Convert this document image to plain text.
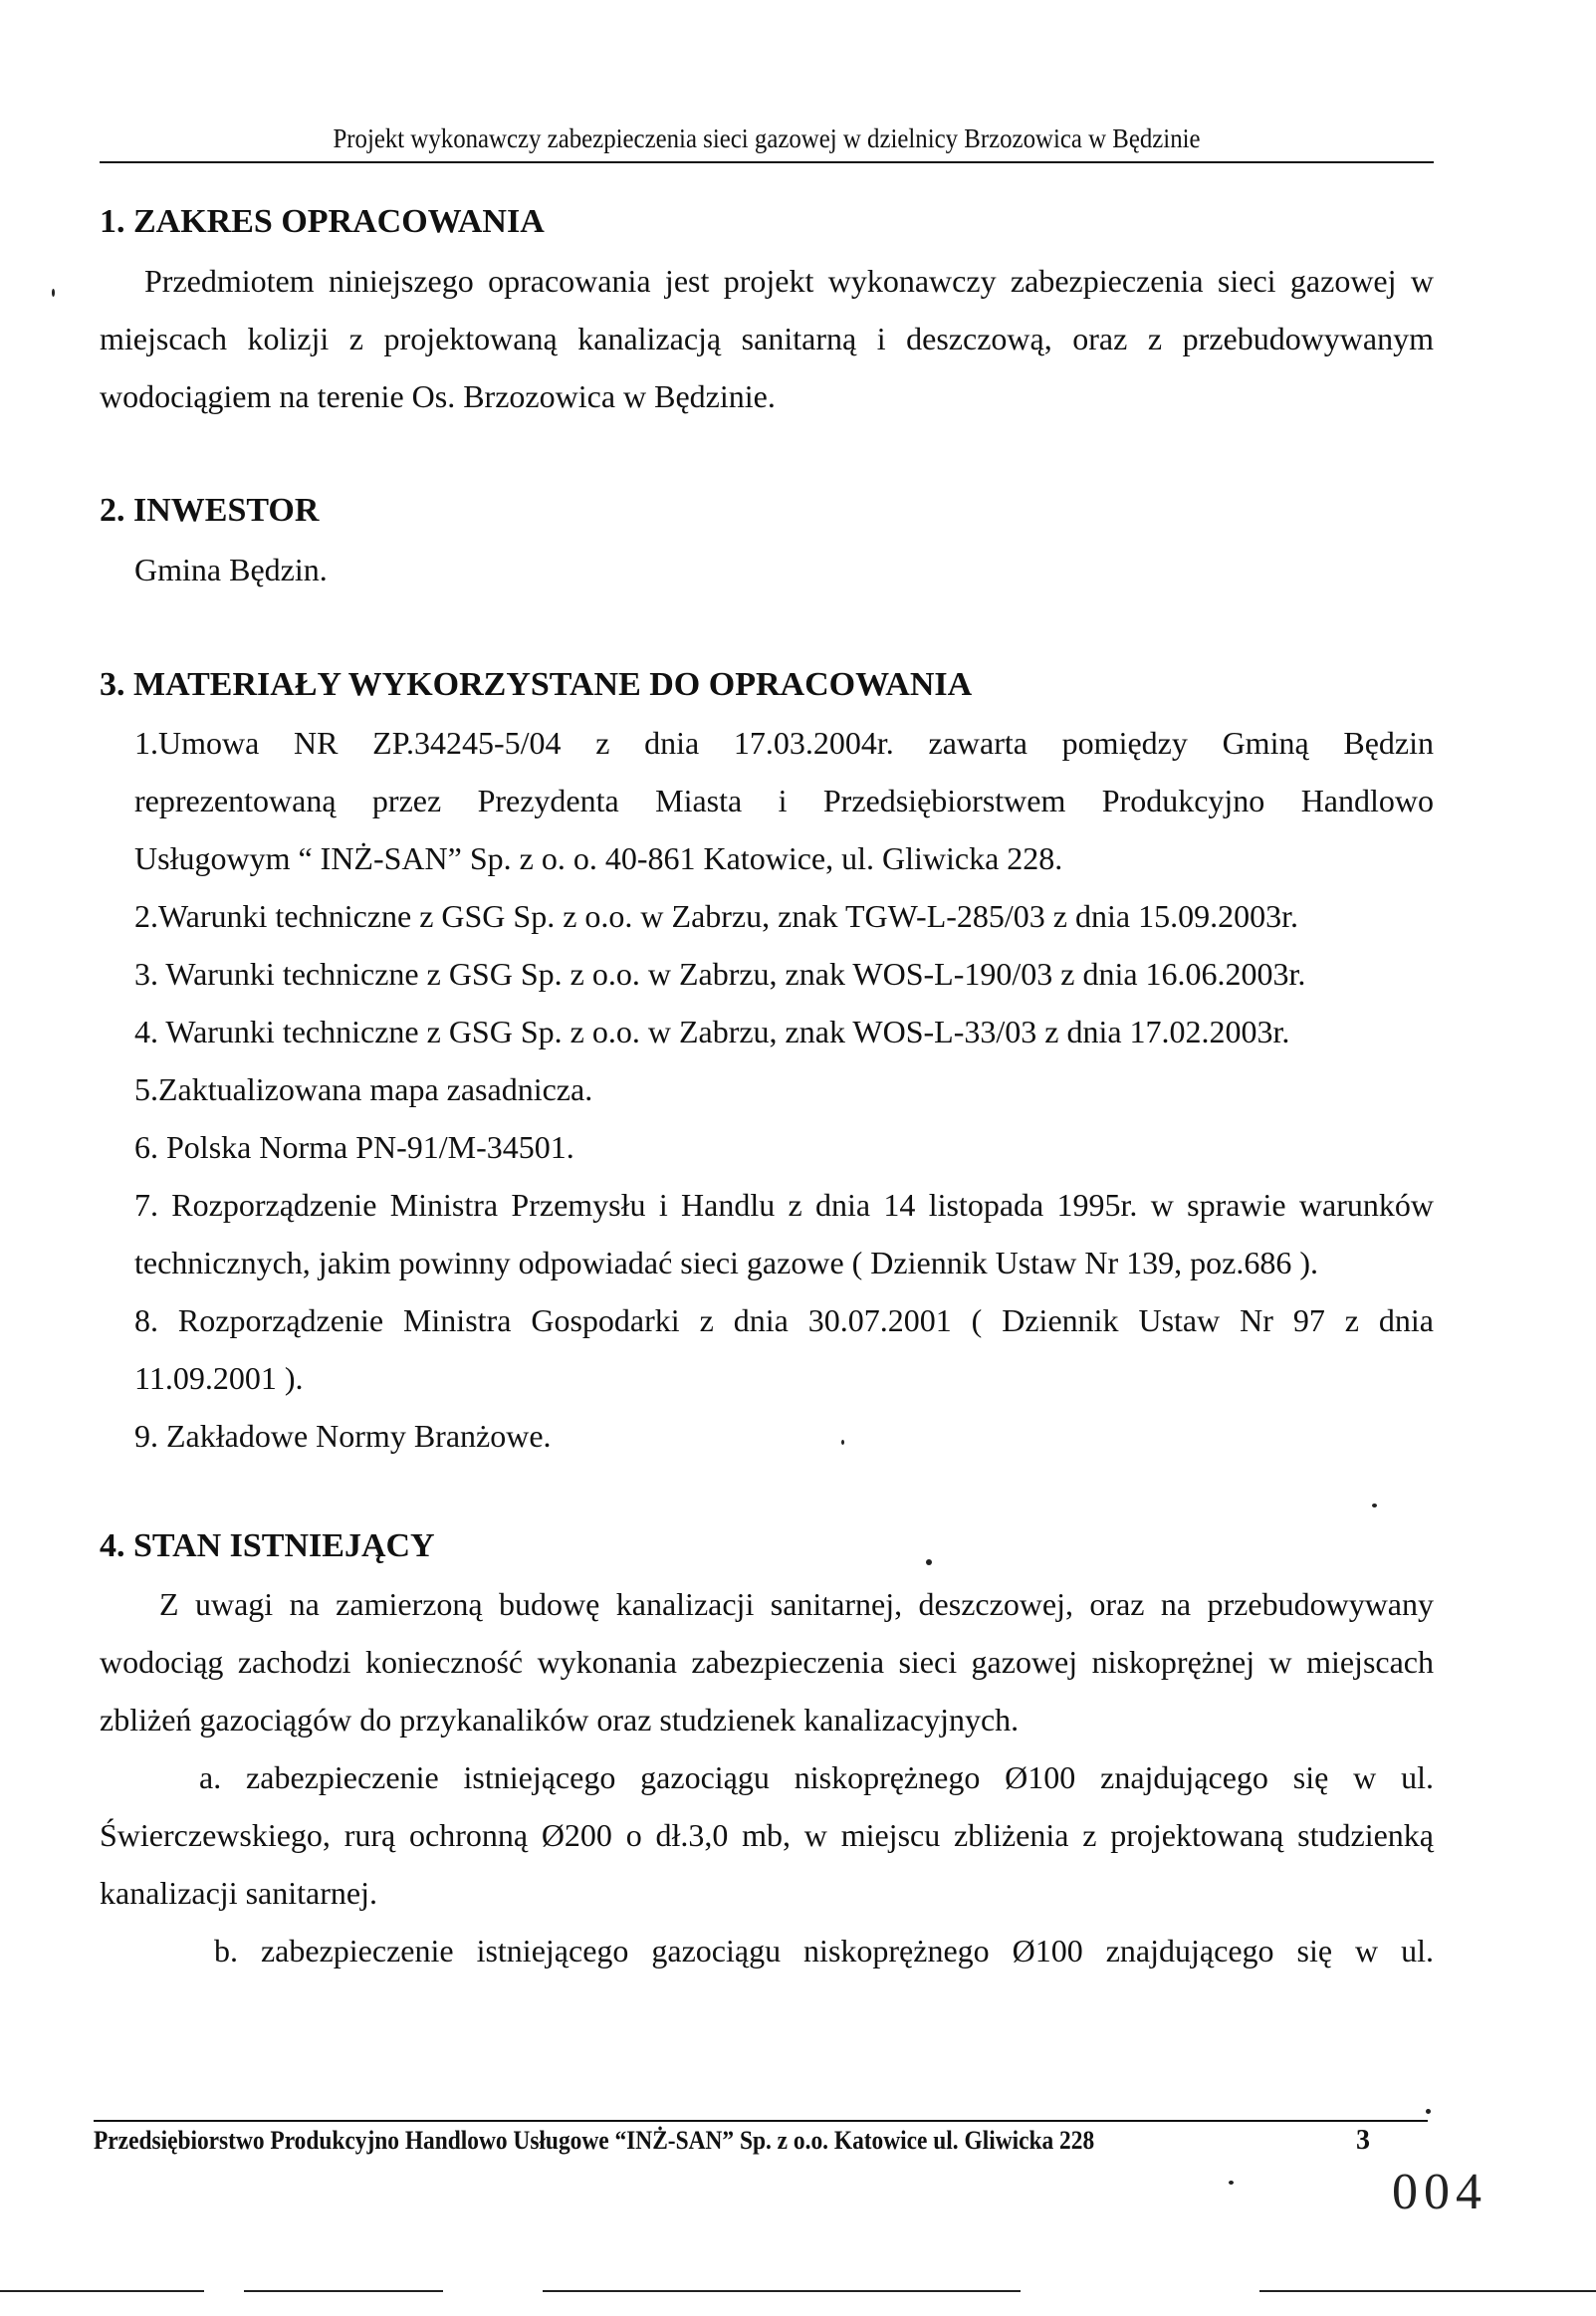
Projekt wykonawczy zabezpieczenia sieci gazowej w dzielnicy Brzozowica w Będzinie
1. ZAKRES OPRACOWANIA
Przedmiotem niniejszego opracowania jest projekt wykonawczy zabezpieczenia sieci gazowej w
miejscach kolizji z projektowaną kanalizacją sanitarną i deszczową, oraz z przebudowywanym
wodociągiem na terenie Os. Brzozowica w Będzinie.
2. INWESTOR
Gmina Będzin.
3. MATERIAŁY WYKORZYSTANE DO OPRACOWANIA
1.Umowa NR ZP.34245-5/04 z dnia 17.03.2004r. zawarta pomiędzy Gminą Będzin
reprezentowaną przez Prezydenta Miasta i Przedsiębiorstwem Produkcyjno Handlowo
Usługowym “ INŻ-SAN” Sp. z o. o. 40-861 Katowice, ul. Gliwicka 228.
2.Warunki techniczne z GSG Sp. z o.o. w Zabrzu, znak TGW-L-285/03 z dnia 15.09.2003r.
3. Warunki techniczne z GSG Sp. z o.o. w Zabrzu, znak WOS-L-190/03 z dnia 16.06.2003r.
4. Warunki techniczne z GSG Sp. z o.o. w Zabrzu, znak WOS-L-33/03 z dnia 17.02.2003r.
5.Zaktualizowana mapa zasadnicza.
6. Polska Norma PN-91/M-34501.
7. Rozporządzenie Ministra Przemysłu i Handlu z dnia 14 listopada 1995r. w sprawie warunków
technicznych, jakim powinny odpowiadać sieci gazowe ( Dziennik Ustaw Nr 139, poz.686 ).
8. Rozporządzenie Ministra Gospodarki z dnia 30.07.2001 ( Dziennik Ustaw Nr 97 z dnia
11.09.2001 ).
9. Zakładowe Normy Branżowe.
4. STAN ISTNIEJĄCY
Z uwagi na zamierzoną budowę kanalizacji sanitarnej, deszczowej, oraz na przebudowywany
wodociąg zachodzi konieczność wykonania zabezpieczenia sieci gazowej niskoprężnej w miejscach
zbliżeń gazociągów do przykanalików oraz studzienek kanalizacyjnych.
a. zabezpieczenie istniejącego gazociągu niskoprężnego Ø100 znajdującego się w ul.
Świerczewskiego, rurą ochronną Ø200 o dł.3,0 mb, w miejscu zbliżenia z projektowaną studzienką
kanalizacji sanitarnej.
b. zabezpieczenie istniejącego gazociągu niskoprężnego Ø100 znajdującego się w ul.
Przedsiębiorstwo Produkcyjno Handlowo Usługowe “INŻ-SAN” Sp. z o.o. Katowice ul. Gliwicka 228	3
004
